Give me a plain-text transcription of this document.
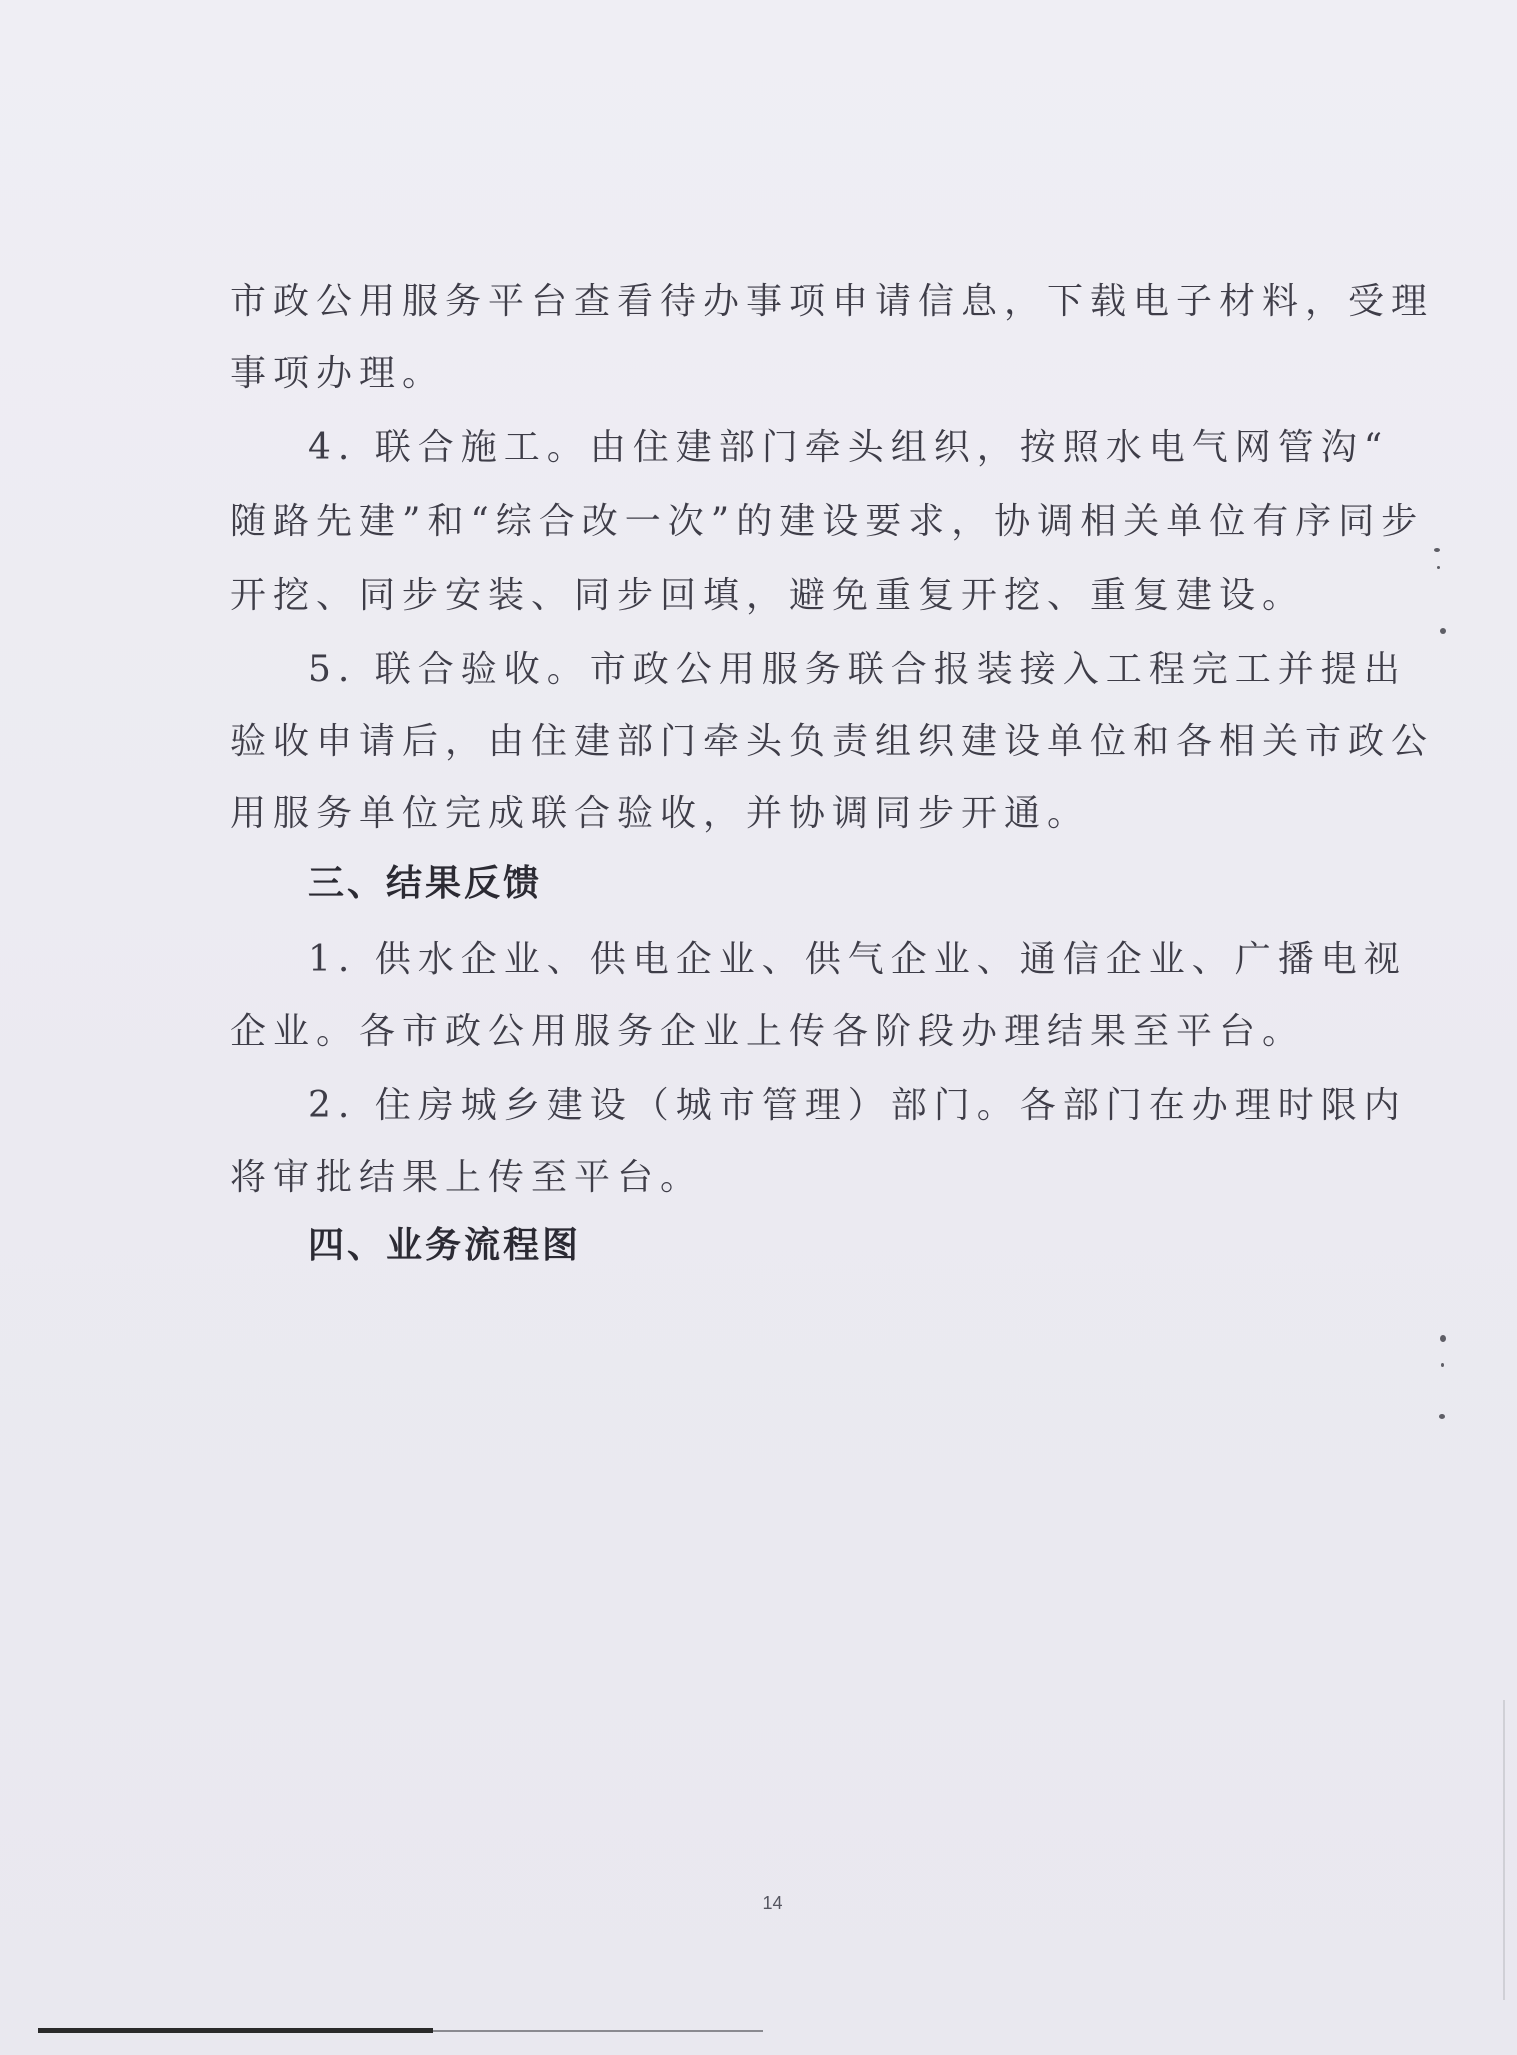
市政公用服务平台查看待办事项申请信息，下载电子材料，受理
事项办理。
4. 联合施工。由住建部门牵头组织，按照水电气网管沟“
随路先建”和“综合改一次”的建设要求，协调相关单位有序同步
开挖、同步安装、同步回填，避免重复开挖、重复建设。
5. 联合验收。市政公用服务联合报装接入工程完工并提出
验收申请后，由住建部门牵头负责组织建设单位和各相关市政公
用服务单位完成联合验收，并协调同步开通。
三、结果反馈
1. 供水企业、供电企业、供气企业、通信企业、广播电视
企业。各市政公用服务企业上传各阶段办理结果至平台。
2. 住房城乡建设（城市管理）部门。各部门在办理时限内
将审批结果上传至平台。
四、业务流程图
14
